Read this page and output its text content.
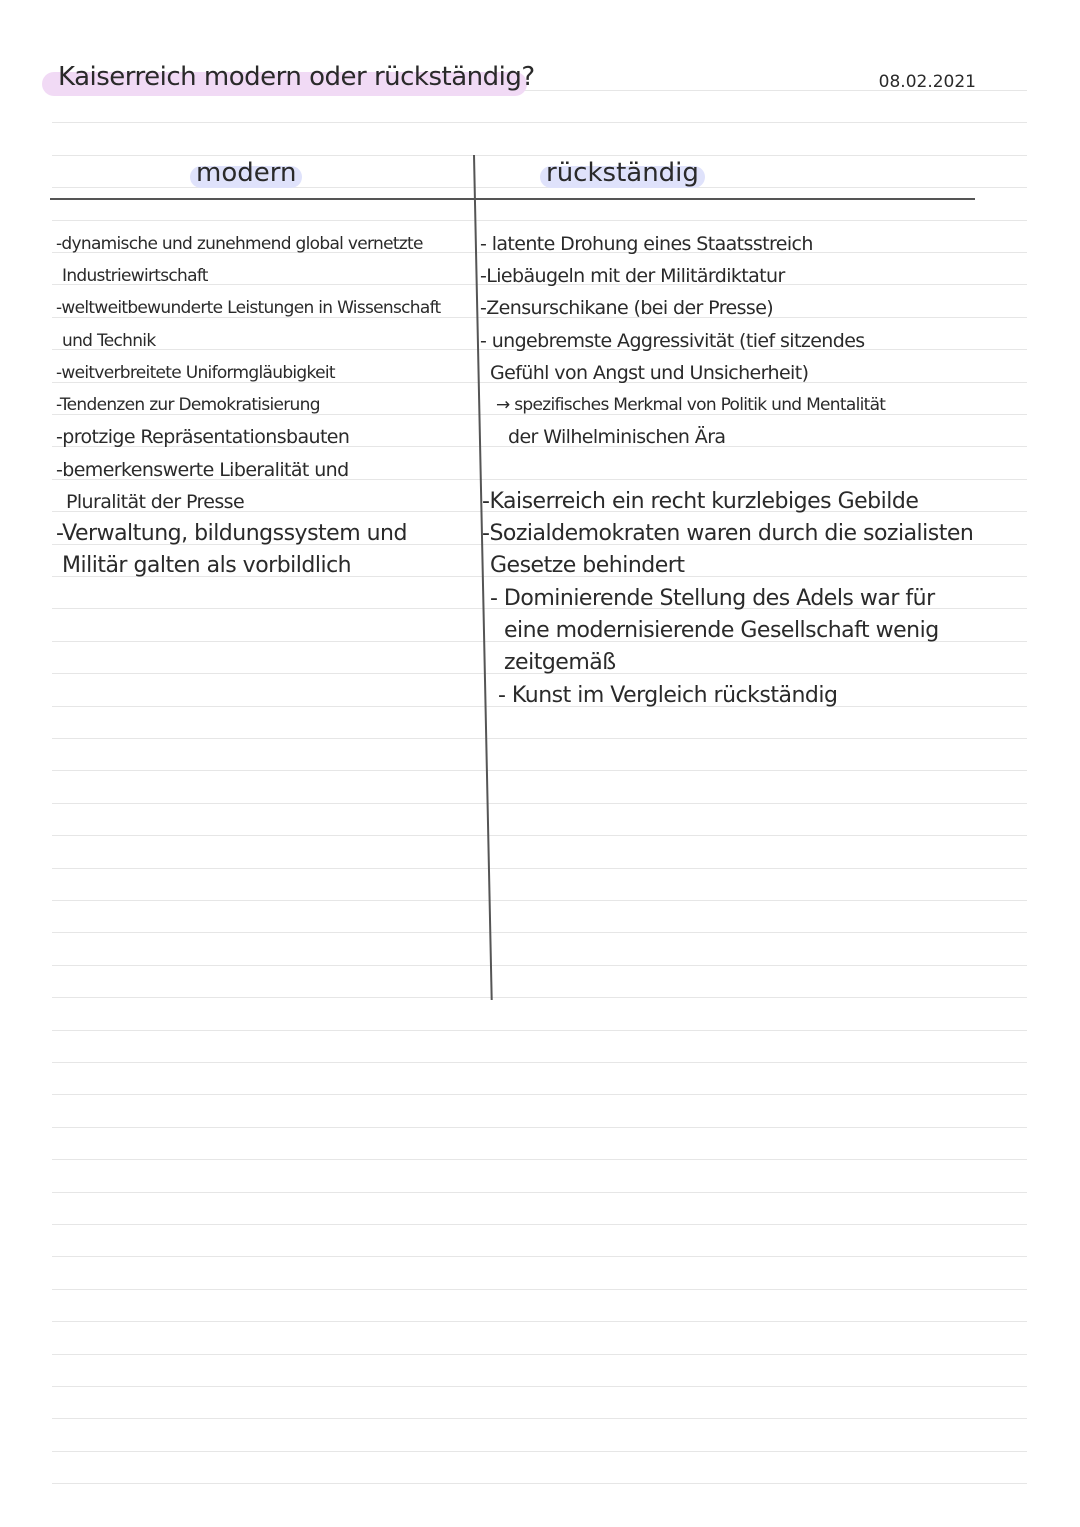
Kaiserreich modern oder rückständig?	08.02.2021
modern	rückständig

-dynamische und zunehmend global vernetzte

Industriewirtschaft

-weltweitbewunderte Leistungen in Wissenschaft

und Technik

-weitverbreitete Uniformgläubigkeit

-Tendenzen zur Demokratisierung

-protzige Repräsentationsbauten

-bemerkenswerte Liberalität und

Pluralität der Presse

-Verwaltung, bildungssystem und

Militär galten als vorbildlich

- latente Drohung eines Staatsstreich

-Liebäugeln mit der Militärdiktatur

-Zensurschikane (bei der Presse)

- ungebremste Aggressivität (tief sitzendes

Gefühl von Angst und Unsicherheit)

→ spezifisches Merkmal von Politik und Mentalität

der Wilhelminischen Ära

-Kaiserreich ein recht kurzlebiges Gebilde

-Sozialdemokraten waren durch die sozialisten

Gesetze behindert

- Dominierende Stellung des Adels war für

eine modernisierende Gesellschaft wenig

zeitgemäß

- Kunst im Vergleich rückständig
